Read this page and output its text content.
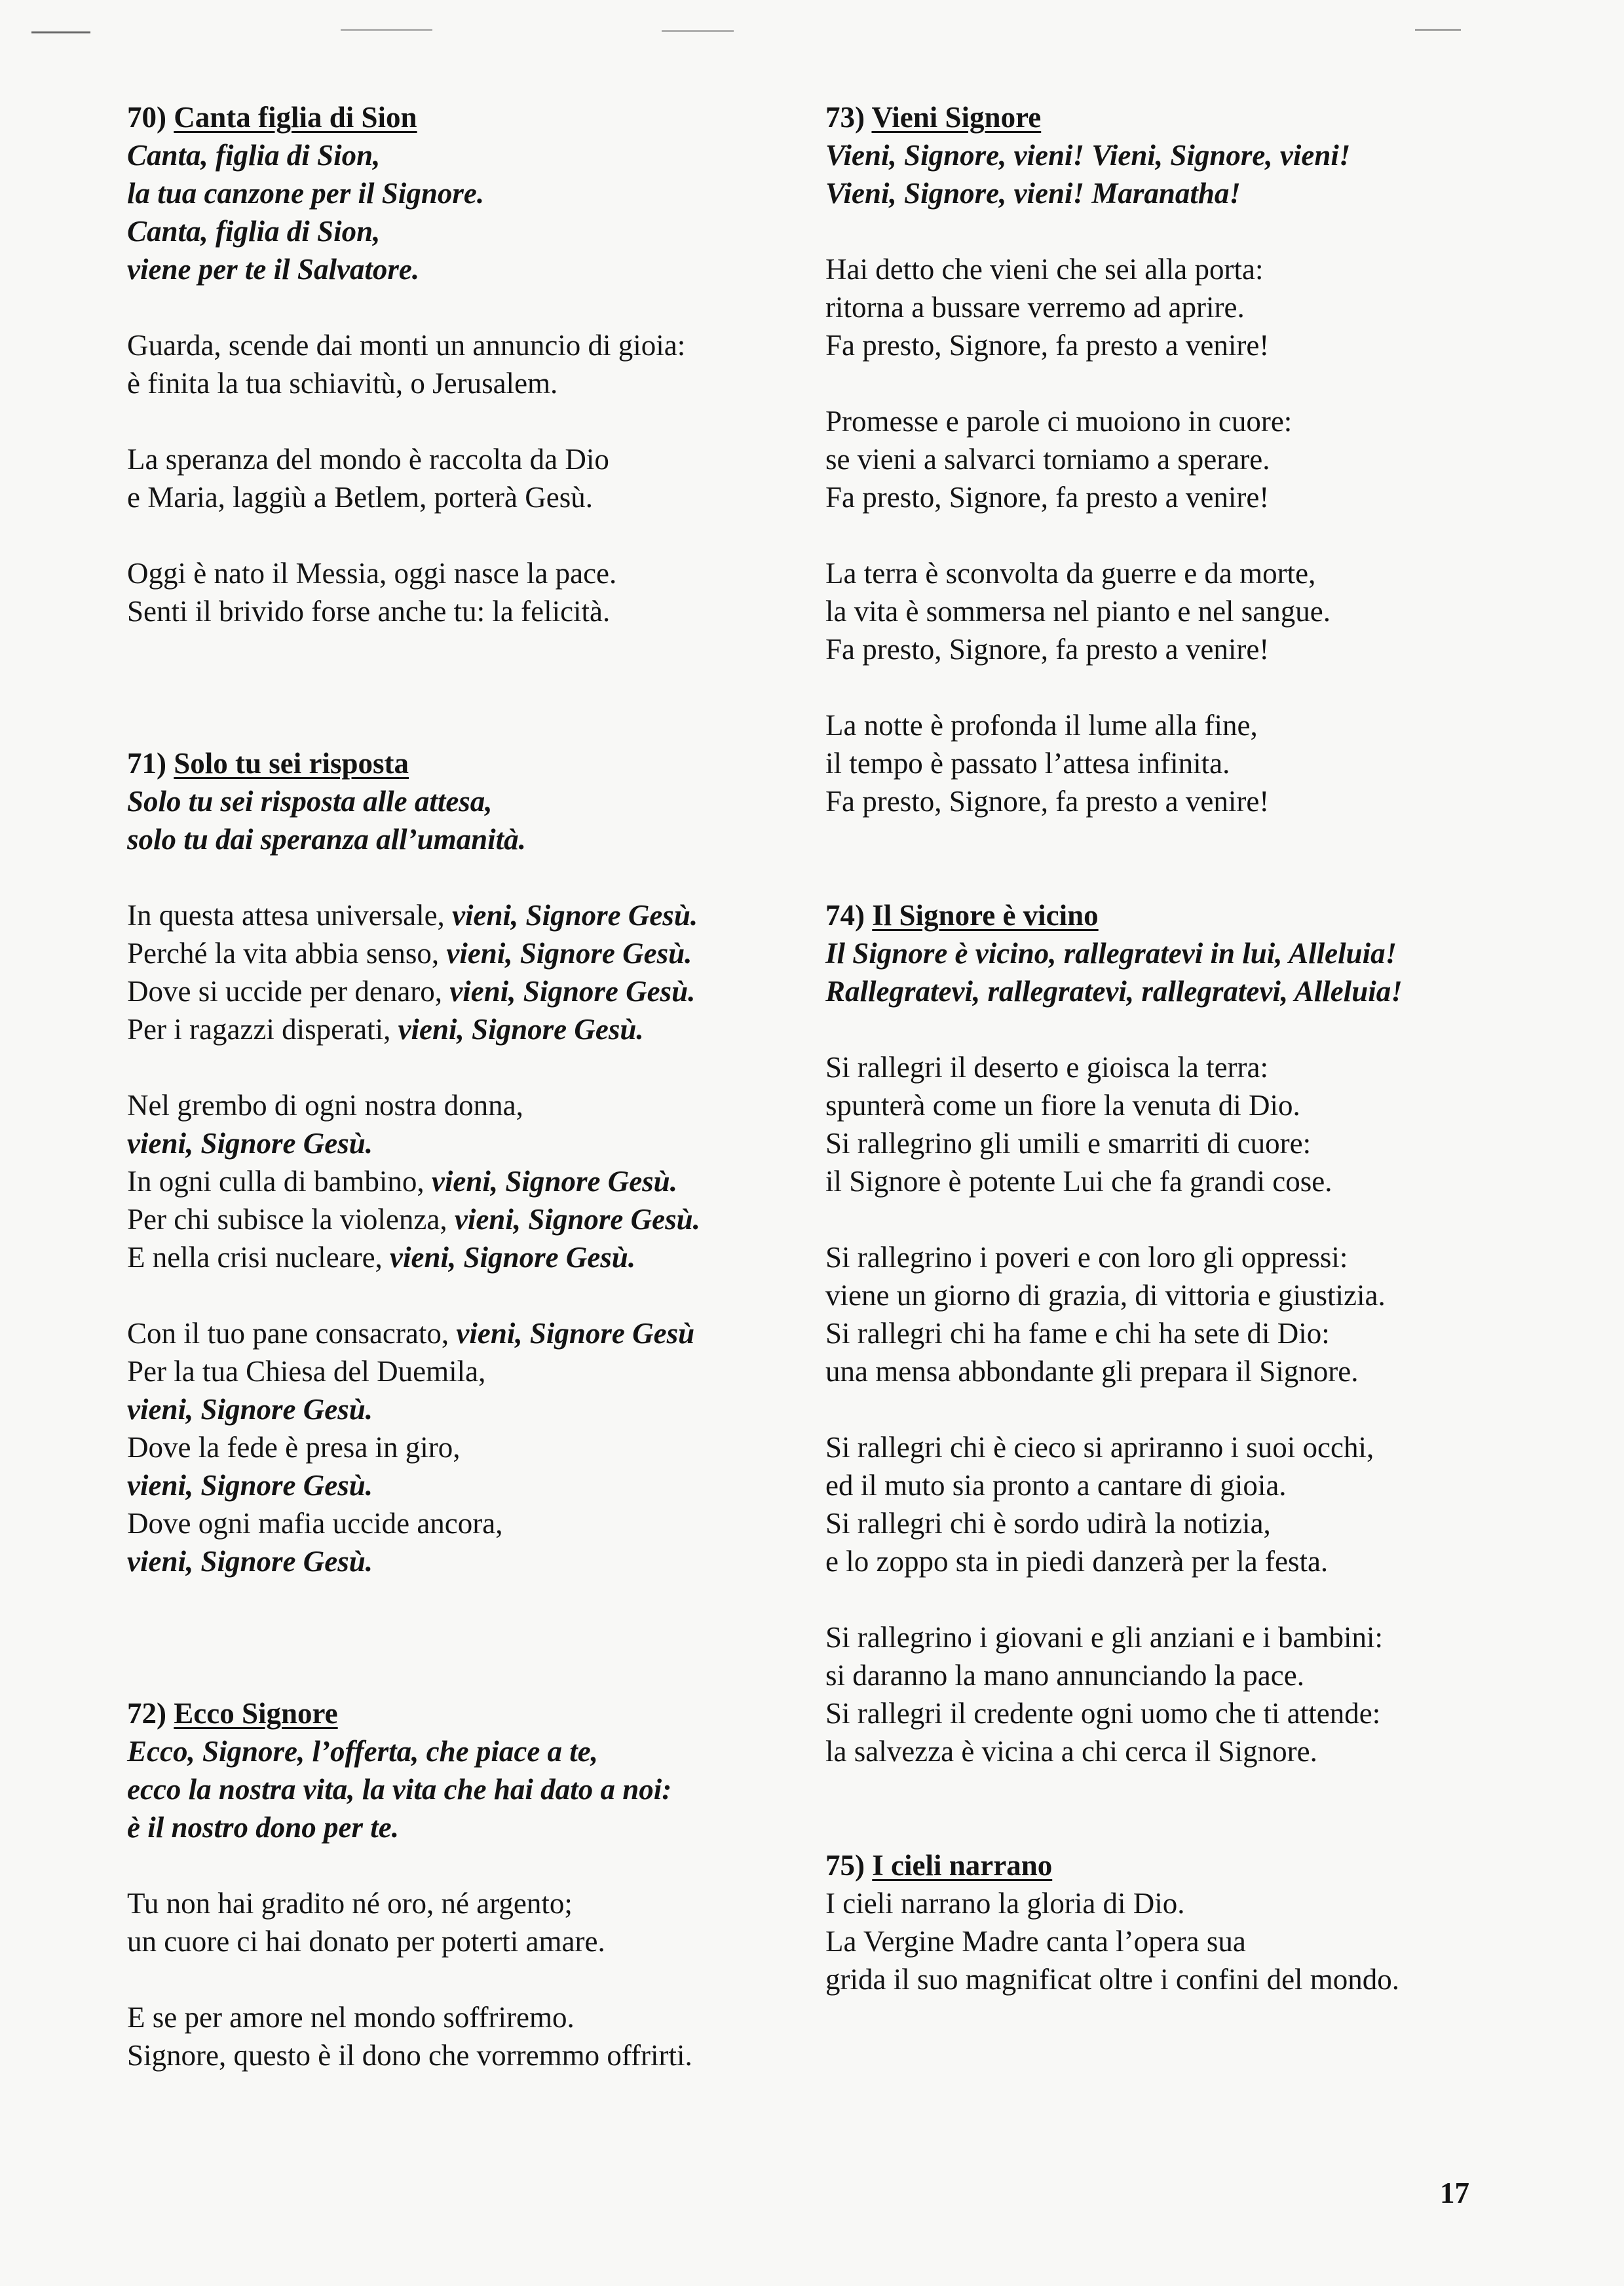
70) Canta figlia di Sion
Canta, figlia di Sion,
la tua canzone per il Signore.
Canta, figlia di Sion,
viene per te il Salvatore.
Guarda, scende dai monti un annuncio di gioia:
è finita la tua schiavitù, o Jerusalem.
La speranza del mondo è raccolta da Dio
e Maria, laggiù a Betlem, porterà Gesù.
Oggi è nato il Messia, oggi nasce la pace.
Senti il brivido forse anche tu: la felicità.
71) Solo tu sei risposta
Solo tu sei risposta alle attesa,
solo tu dai speranza all’umanità.
In questa attesa universale, vieni, Signore Gesù.
Perché la vita abbia senso, vieni, Signore Gesù.
Dove si uccide per denaro, vieni, Signore Gesù.
Per i ragazzi disperati, vieni, Signore Gesù.
Nel grembo di ogni nostra donna,
vieni, Signore Gesù.
In ogni culla di bambino, vieni, Signore Gesù.
Per chi subisce la violenza, vieni, Signore Gesù.
E nella crisi nucleare, vieni, Signore Gesù.
Con il tuo pane consacrato, vieni, Signore Gesù
Per la tua Chiesa del Duemila,
vieni, Signore Gesù.
Dove la fede è presa in giro,
vieni, Signore Gesù.
Dove ogni mafia uccide ancora,
vieni, Signore Gesù.
72) Ecco Signore
Ecco, Signore, l’offerta, che piace a te,
ecco la nostra vita, la vita che hai dato a noi:
è il nostro dono per te.
Tu non hai gradito né oro, né argento;
un cuore ci hai donato per poterti amare.
E se per amore nel mondo soffriremo.
Signore, questo è il dono che vorremmo offrirti.
73) Vieni Signore
Vieni, Signore, vieni! Vieni, Signore, vieni!
Vieni, Signore, vieni! Maranatha!
Hai detto che vieni che sei alla porta:
ritorna a bussare verremo ad aprire.
Fa presto, Signore, fa presto a venire!
Promesse e parole ci muoiono in cuore:
se vieni a salvarci torniamo a sperare.
Fa presto, Signore, fa presto a venire!
La terra è sconvolta da guerre e da morte,
la vita è sommersa nel pianto e nel sangue.
Fa presto, Signore, fa presto a venire!
La notte è profonda il lume alla fine,
il tempo è passato l’attesa infinita.
Fa presto, Signore, fa presto a venire!
74) Il Signore è vicino
Il Signore è vicino, rallegratevi in lui, Alleluia!
Rallegratevi, rallegratevi, rallegratevi, Alleluia!
Si rallegri il deserto e gioisca la terra:
spunterà come un fiore la venuta di Dio.
Si rallegrino gli umili e smarriti di cuore:
il Signore è potente Lui che fa grandi cose.
Si rallegrino i poveri e con loro gli oppressi:
viene un giorno di grazia, di vittoria e giustizia.
Si rallegri chi ha fame e chi ha sete di Dio:
una mensa abbondante gli prepara il Signore.
Si rallegri chi è cieco si apriranno i suoi occhi,
ed il muto sia pronto a cantare di gioia.
Si rallegri chi è sordo udirà la notizia,
e lo zoppo sta in piedi danzerà per la festa.
Si rallegrino i giovani e gli anziani e i bambini:
si daranno la mano annunciando la pace.
Si rallegri il credente ogni uomo che ti attende:
la salvezza è vicina a chi cerca il Signore.
75) I cieli narrano
I cieli narrano la gloria di Dio.
La Vergine Madre canta l’opera sua
grida il suo magnificat oltre i confini del mondo.
17
